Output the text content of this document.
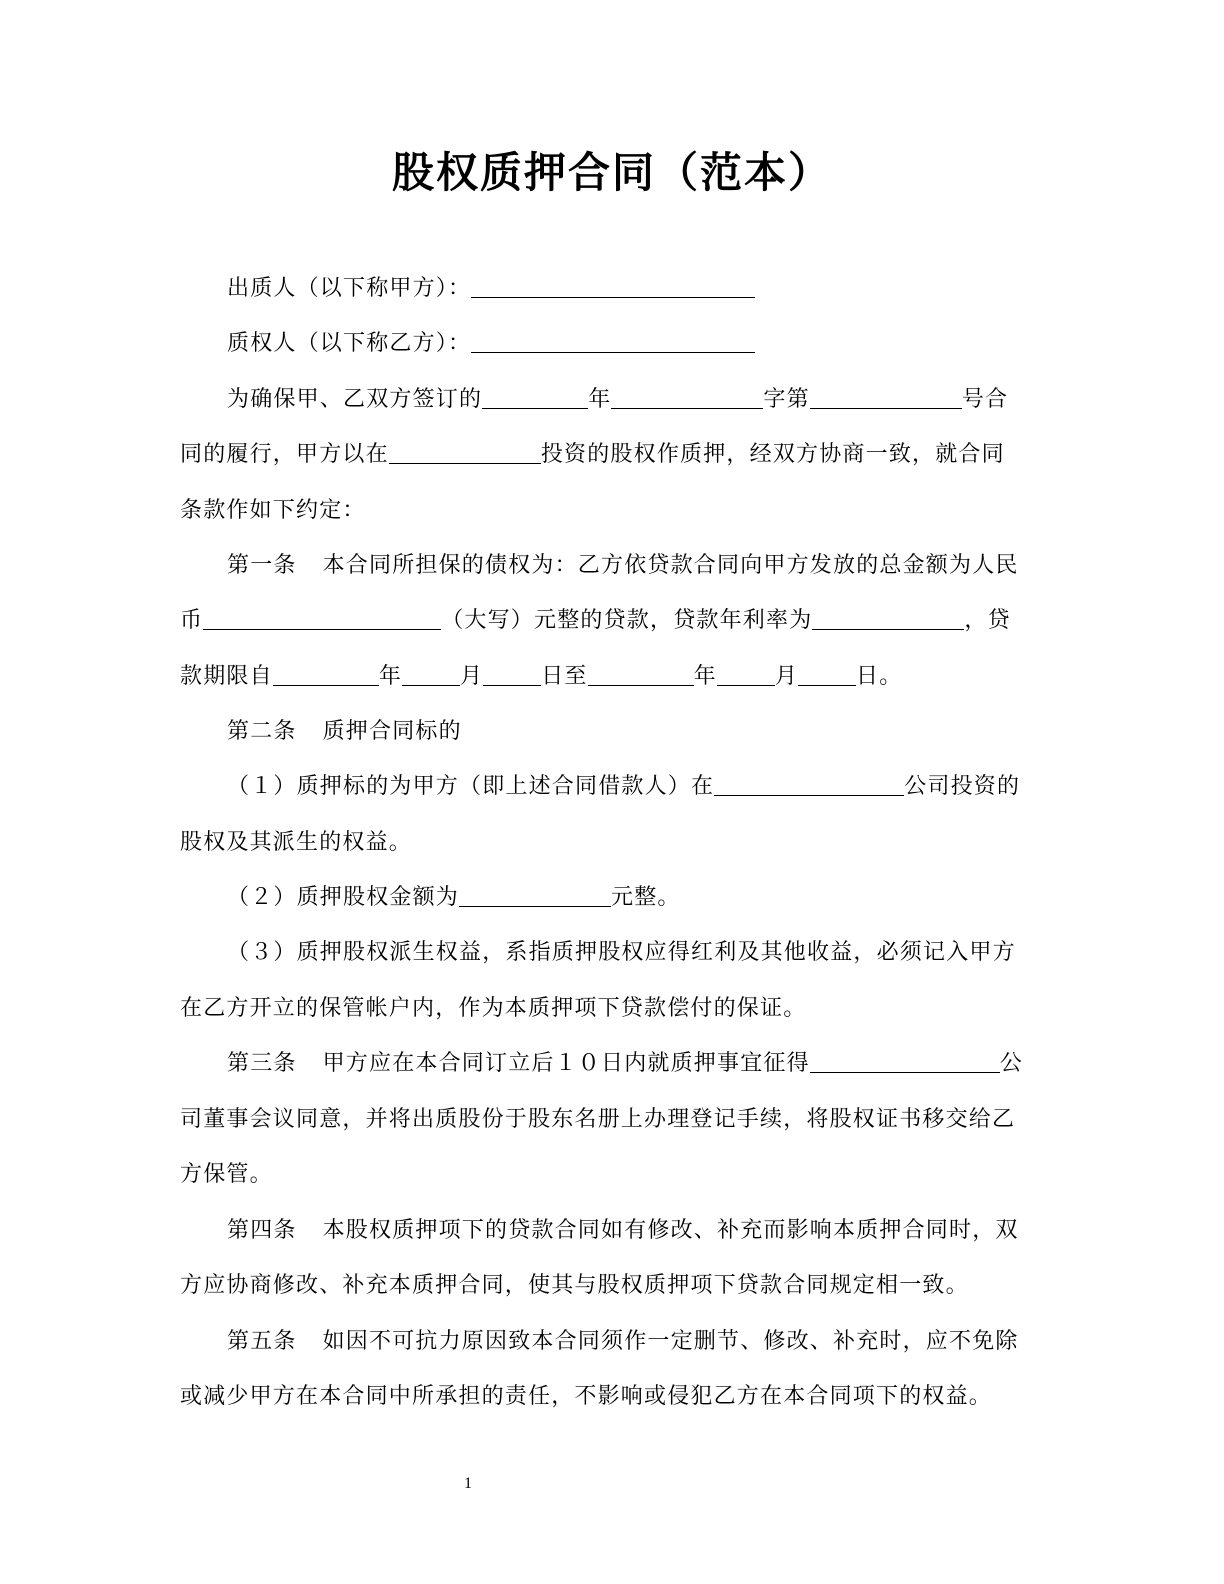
股权质押合同（范本）
出质人（以下称甲方）：
质权人（以下称乙方）：
为确保甲、乙双方签订的	年	字第	号合
同的履行，甲方以在	投资的股权作质押，经双方协商一致，就合同
条款作如下约定：
第一条 本合同所担保的债权为：乙方依贷款合同向甲方发放的总金额为人民
币	（大写）元整的贷款，贷款年利率为	，贷
款期限自	年	月	日至	年	月	日。
第二条 质押合同标的
（１）质押标的为甲方（即上述合同借款人）在	公司投资的
股权及其派生的权益。
（２）质押股权金额为	元整。
（３）质押股权派生权益，系指质押股权应得红利及其他收益，必须记入甲方
在乙方开立的保管帐户内，作为本质押项下贷款偿付的保证。
第三条 甲方应在本合同订立后１０日内就质押事宜征得	公
司董事会议同意，并将出质股份于股东名册上办理登记手续，将股权证书移交给乙
方保管。
第四条 本股权质押项下的贷款合同如有修改、补充而影响本质押合同时，双
方应协商修改、补充本质押合同，使其与股权质押项下贷款合同规定相一致。
第五条 如因不可抗力原因致本合同须作一定删节、修改、补充时，应不免除
或减少甲方在本合同中所承担的责任，不影响或侵犯乙方在本合同项下的权益。
1
